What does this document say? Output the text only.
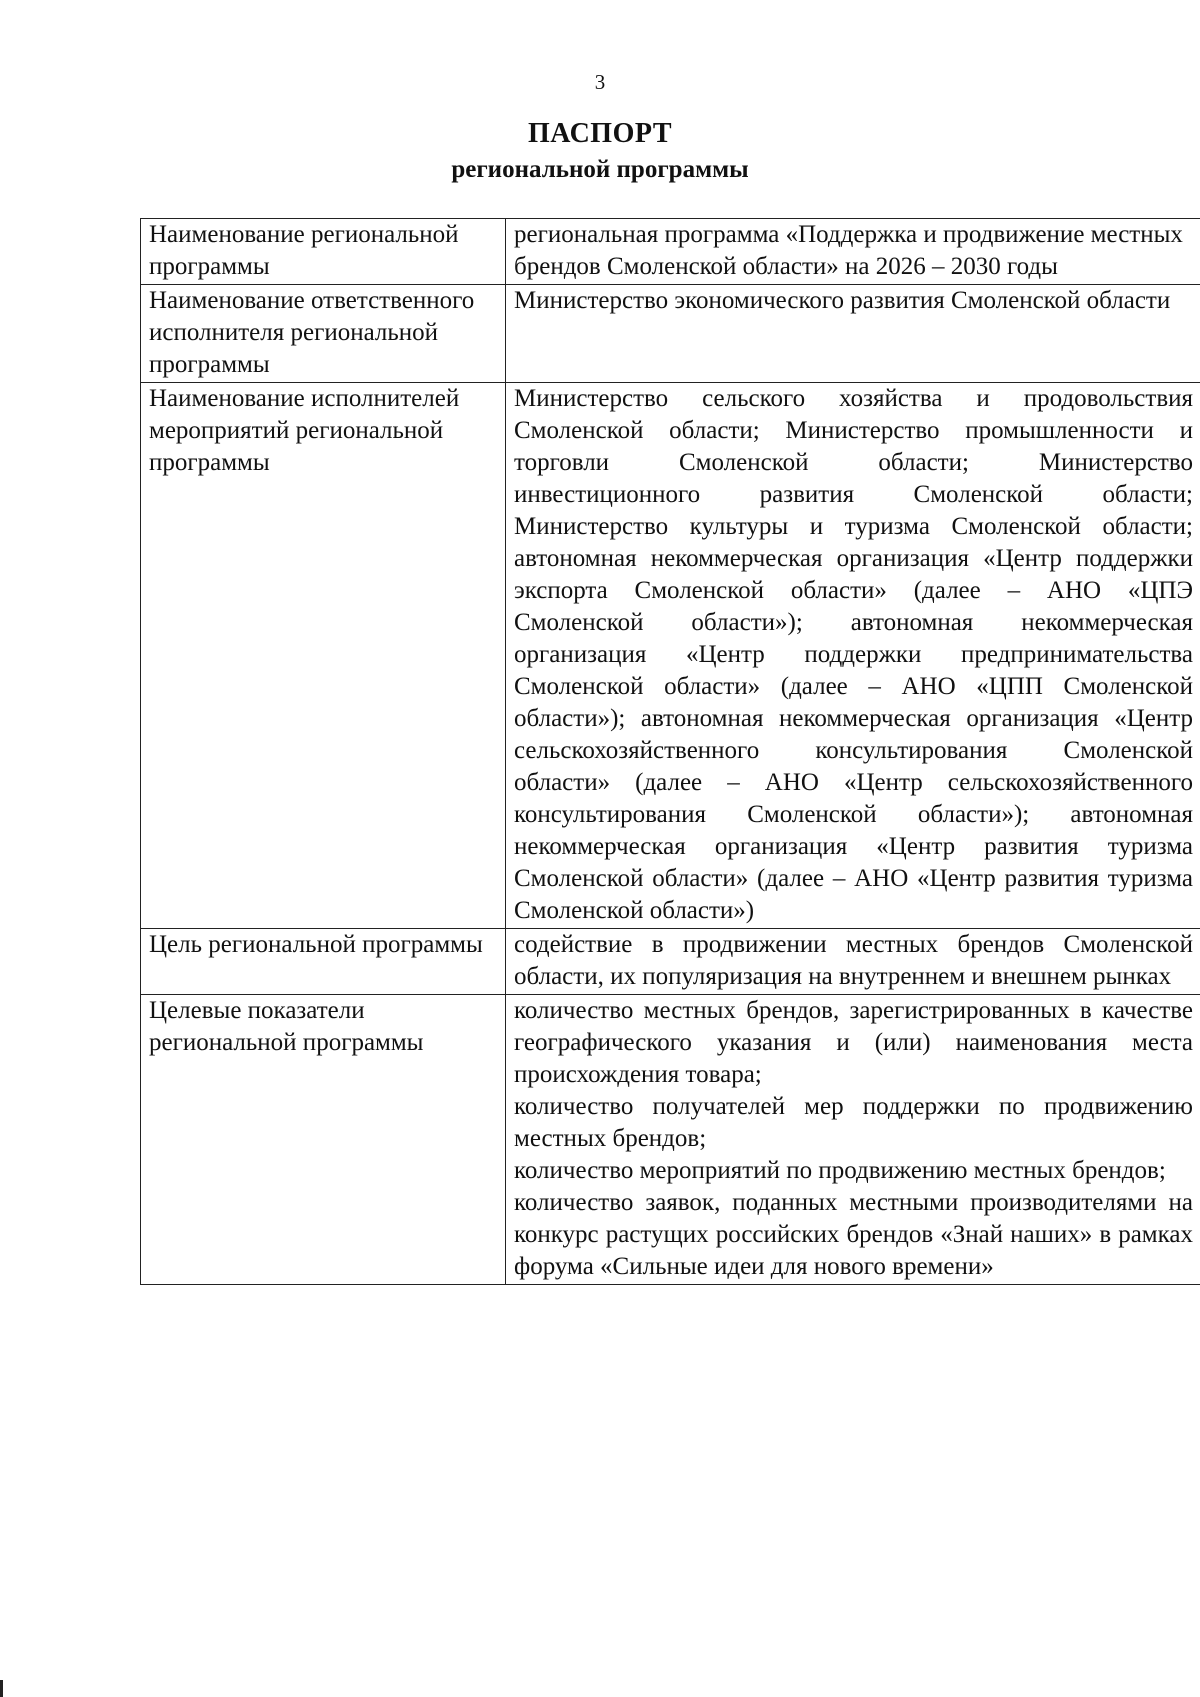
3
ПАСПОРТ
региональной программы
Наименование региональной программы	региональная программа «Поддержка и продвижение местных брендов Смоленской области» на 2026 – 2030 годы
Наименование ответственного исполнителя региональной программы	Министерство экономического развития Смоленской области
Наименование исполнителей мероприятий региональной программы	Министерство сельского хозяйства и продовольствия Смоленской области; Министерство промышленности и торговли Смоленской области; Министерство инвестиционного развития Смоленской области; Министерство культуры и туризма Смоленской области; автономная некоммерческая организация «Центр поддержки экспорта Смоленской области» (далее – АНО «ЦПЭ Смоленской области»); автономная некоммерческая организация «Центр поддержки предпринимательства Смоленской области» (далее – АНО «ЦПП Смоленской области»); автономная некоммерческая организация «Центр сельскохозяйственного консультирования Смоленской области» (далее – АНО «Центр сельскохозяйственного консультирования Смоленской области»); автономная некоммерческая организация «Центр развития туризма Смоленской области» (далее – АНО «Центр развития туризма Смоленской области»)
Цель региональной программы	содействие в продвижении местных брендов Смоленской области, их популяризация на внутреннем и внешнем рынках
Целевые показатели региональной программы	количество местных брендов, зарегистрированных в качестве географического указания и (или) наименования места происхождения товара;
количество получателей мер поддержки по продвижению местных брендов;
количество мероприятий по продвижению местных брендов;
количество заявок, поданных местными производителями на конкурс растущих российских брендов «Знай наших» в рамках форума «Сильные идеи для нового времени»
